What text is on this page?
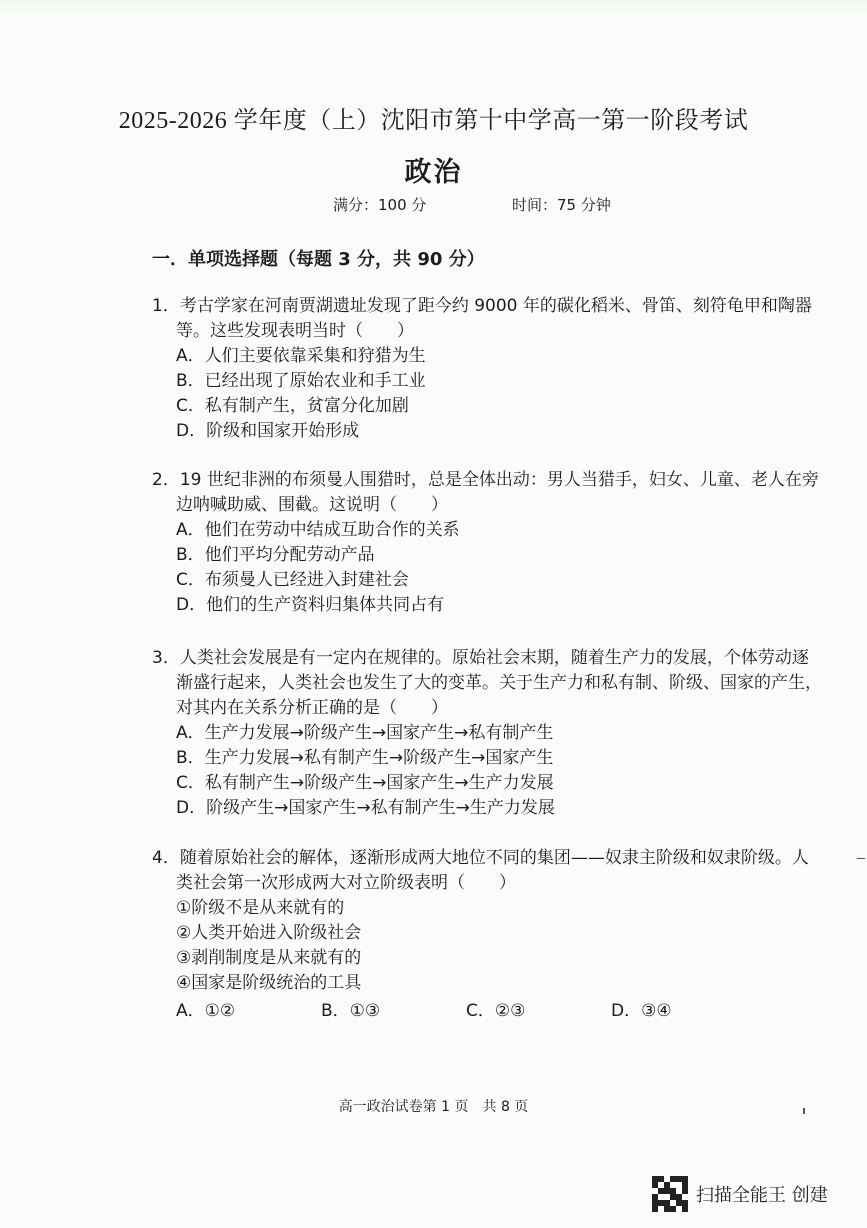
2025-2026 学年度（上）沈阳市第十中学高一第一阶段考试
政治
满分：100 分	时间：75 分钟
一．单项选择题（每题 3 分，共 90 分）

1．考古学家在河南贾湖遗址发现了距今约 9000 年的碳化稻米、骨笛、刻符龟甲和陶器等。这些发现表明当时（　　）

A．人们主要依靠采集和狩猎为生

B．已经出现了原始农业和手工业

C．私有制产生，贫富分化加剧

D．阶级和国家开始形成

2．19 世纪非洲的布须曼人围猎时，总是全体出动：男人当猎手，妇女、儿童、老人在旁边呐喊助威、围截。这说明（　　）

A．他们在劳动中结成互助合作的关系

B．他们平均分配劳动产品

C．布须曼人已经进入封建社会

D．他们的生产资料归集体共同占有

3．人类社会发展是有一定内在规律的。原始社会末期，随着生产力的发展，个体劳动逐渐盛行起来，人类社会也发生了大的变革。关于生产力和私有制、阶级、国家的产生，对其内在关系分析正确的是（　　）

A．生产力发展→阶级产生→国家产生→私有制产生

B．生产力发展→私有制产生→阶级产生→国家产生

C．私有制产生→阶级产生→国家产生→生产力发展

D．阶级产生→国家产生→私有制产生→生产力发展

4．随着原始社会的解体，逐渐形成两大地位不同的集团——奴隶主阶级和奴隶阶级。人类社会第一次形成两大对立阶级表明（　　）

①阶级不是从来就有的

②人类开始进入阶级社会

③剥削制度是从来就有的

④国家是阶级统治的工具

A．①②	B．①③	C．②③	D．③④
高一政治试卷第 1 页　共 8 页
扫描全能王 创建
